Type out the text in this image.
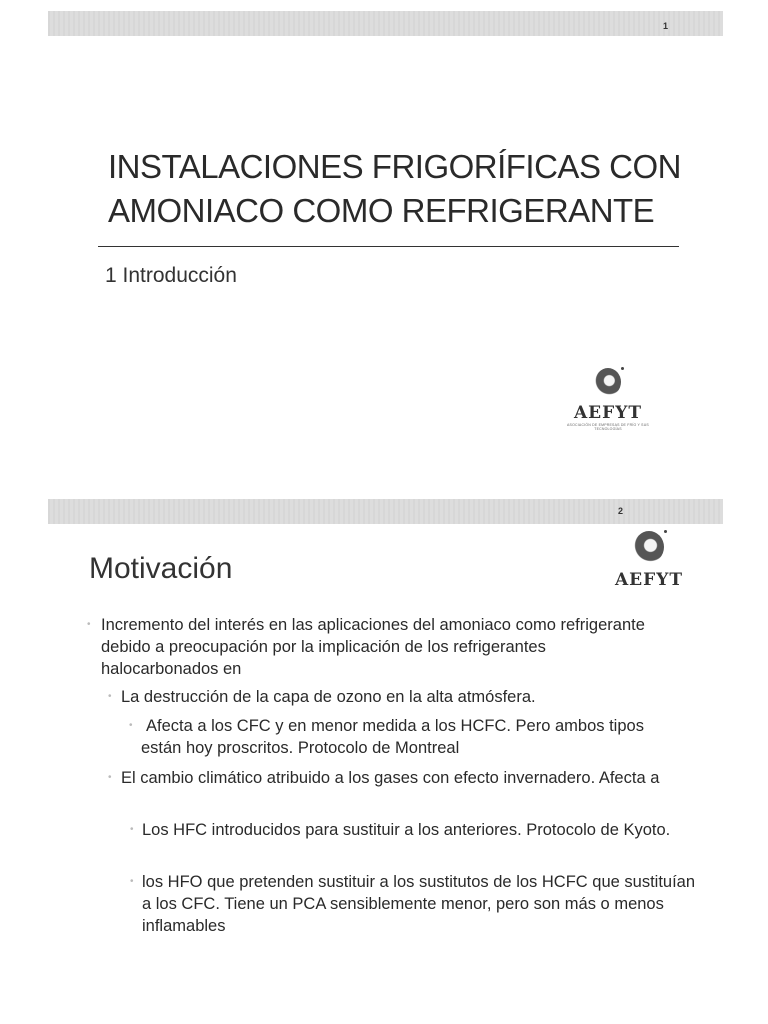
1
INSTALACIONES FRIGORÍFICAS CON
AMONIACO COMO REFRIGERANTE
1 Introducción
AEFYT
ASOCIACIÓN DE EMPRESAS DE FRÍO Y SUS TECNOLOGÍAS
2
Motivación	AEFYT
• Incremento del interés en las aplicaciones del amoniaco como refrigerante debido a preocupación por la implicación de los refrigerantes halocarbonados en
• La destrucción de la capa de ozono en la alta atmósfera.
• Afecta a los CFC y en menor medida a los HCFC. Pero ambos tipos están hoy proscritos. Protocolo de Montreal
• El cambio climático atribuido a los gases con efecto invernadero. Afecta a
• Los HFC introducidos para sustituir a los anteriores. Protocolo de Kyoto.
• los HFO que pretenden sustituir a los sustitutos de los HCFC que sustituían a los CFC. Tiene un PCA sensiblemente menor, pero son más o menos inflamables
